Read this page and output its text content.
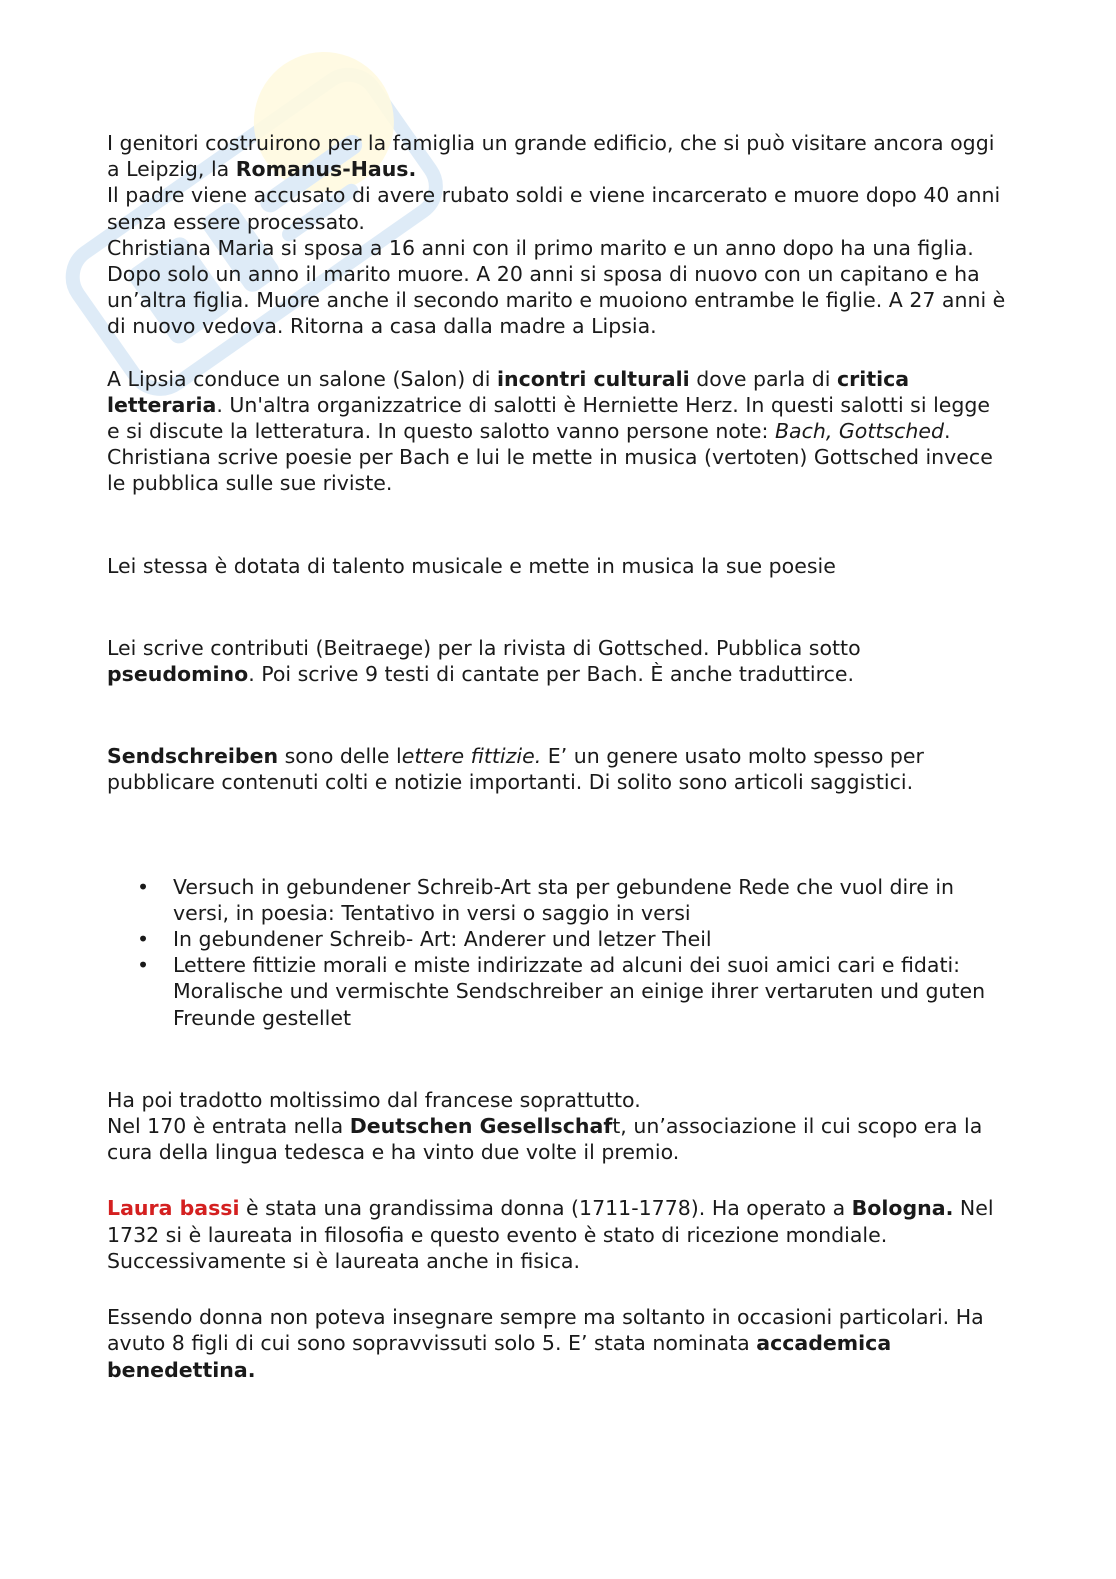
I genitori costruirono per la famiglia un grande edificio, che si può visitare ancora oggi a Leipzig, la Romanus-Haus.

Il padre viene accusato di avere rubato soldi e viene incarcerato e muore dopo 40 anni senza essere processato.

Christiana Maria si sposa a 16 anni con il primo marito e un anno dopo ha una figlia. Dopo solo un anno il marito muore. A 20 anni si sposa di nuovo con un capitano e ha un’altra figlia. Muore anche il secondo marito e muoiono entrambe le figlie. A 27 anni è di nuovo vedova. Ritorna a casa dalla madre a Lipsia.

A Lipsia conduce un salone (Salon) di incontri culturali dove parla di critica letteraria. Un'altra organizzatrice di salotti è Herniette Herz. In questi salotti si legge e si discute la letteratura. In questo salotto vanno persone note: Bach, Gottsched. Christiana scrive poesie per Bach e lui le mette in musica (vertoten) Gottsched invece le pubblica sulle sue riviste.

Lei stessa è dotata di talento musicale e mette in musica la sue poesie

Lei scrive contributi (Beitraege) per la rivista di Gottsched. Pubblica sotto pseudomino. Poi scrive 9 testi di cantate per Bach. È anche traduttirce.

Sendschreiben sono delle lettere fittizie. E’ un genere usato molto spesso per pubblicare contenuti colti e notizie importanti. Di solito sono articoli saggistici.

• Versuch in gebundener Schreib-Art sta per gebundene Rede che vuol dire in versi, in poesia: Tentativo in versi o saggio in versi
• In gebundener Schreib- Art: Anderer und letzer Theil
• Lettere fittizie morali e miste indirizzate ad alcuni dei suoi amici cari e fidati: Moralische und vermischte Sendschreiber an einige ihrer vertaruten und guten Freunde gestellet

Ha poi tradotto moltissimo dal francese soprattutto.

Nel 170 è entrata nella Deutschen Gesellschaft, un’associazione il cui scopo era la cura della lingua tedesca e ha vinto due volte il premio.

Laura bassi è stata una grandissima donna (1711-1778). Ha operato a Bologna. Nel 1732 si è laureata in filosofia e questo evento è stato di ricezione mondiale. Successivamente si è laureata anche in fisica.

Essendo donna non poteva insegnare sempre ma soltanto in occasioni particolari. Ha avuto 8 figli di cui sono sopravvissuti solo 5. E’ stata nominata accademica benedettina.
